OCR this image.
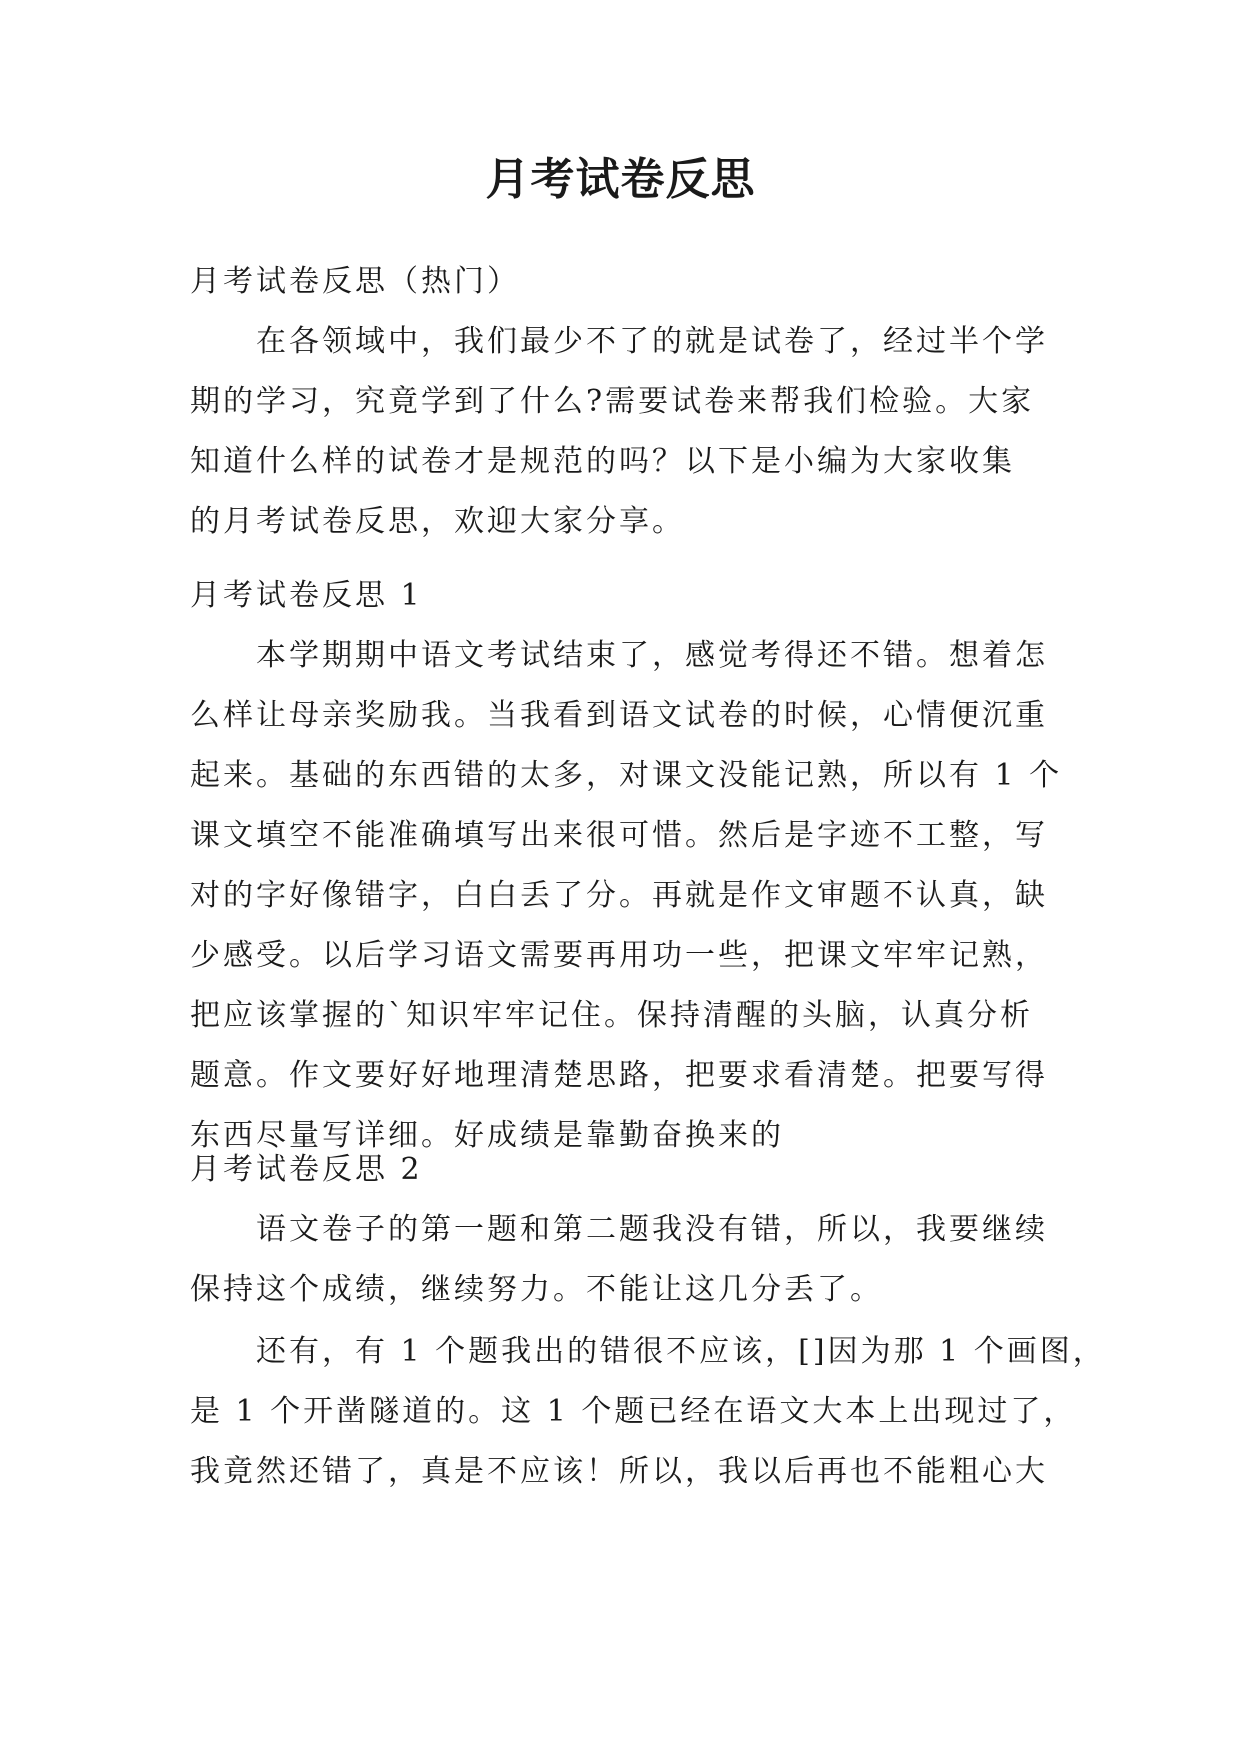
月考试卷反思

月考试卷反思（热门）

在各领域中，我们最少不了的就是试卷了，经过半个学
期的学习，究竟学到了什么?需要试卷来帮我们检验。大家
知道什么样的试卷才是规范的吗？以下是小编为大家收集
的月考试卷反思，欢迎大家分享。

月考试卷反思 1

本学期期中语文考试结束了，感觉考得还不错。想着怎
么样让母亲奖励我。当我看到语文试卷的时候，心情便沉重
起来。基础的东西错的太多，对课文没能记熟，所以有 1 个
课文填空不能准确填写出来很可惜。然后是字迹不工整，写
对的字好像错字，白白丢了分。再就是作文审题不认真，缺
少感受。以后学习语文需要再用功一些，把课文牢牢记熟，
把应该掌握的`知识牢牢记住。保持清醒的头脑，认真分析
题意。作文要好好地理清楚思路，把要求看清楚。把要写得
东西尽量写详细。好成绩是靠勤奋换来的

月考试卷反思 2

语文卷子的第一题和第二题我没有错，所以，我要继续
保持这个成绩，继续努力。不能让这几分丢了。
还有，有 1 个题我出的错很不应该，[]因为那 1 个画图，
是 1 个开凿隧道的。这 1 个题已经在语文大本上出现过了，
我竟然还错了，真是不应该！所以，我以后再也不能粗心大
